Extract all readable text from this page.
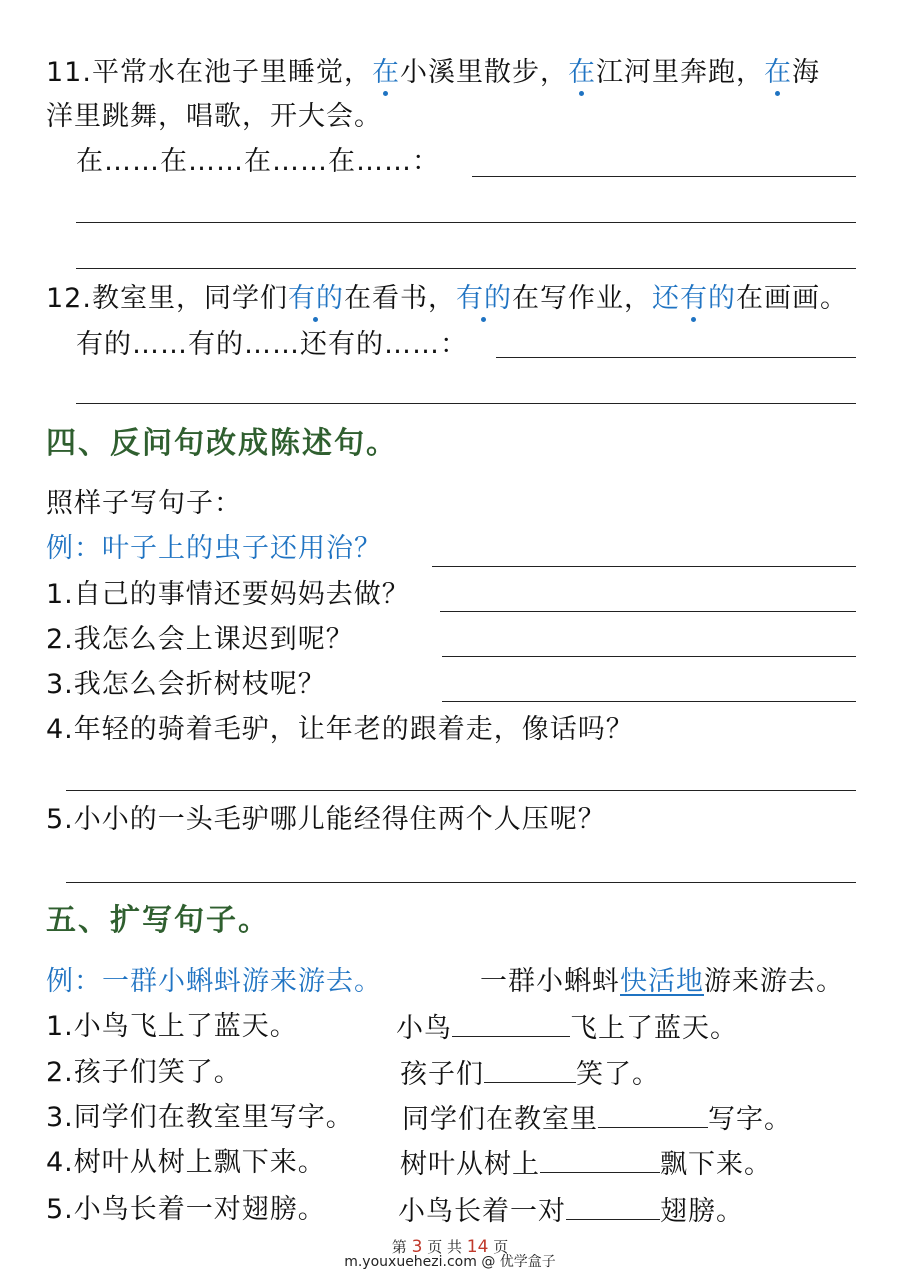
11.平常水在池子里睡觉，在小溪里散步，在江河里奔跑，在海
洋里跳舞，唱歌，开大会。
在……在……在……在……：
12.教室里，同学们有的在看书，有的在写作业，还有的在画画。
有的……有的……还有的……：
四、反问句改成陈述句。
照样子写句子：
例：叶子上的虫子还用治？
1.自己的事情还要妈妈去做？
2.我怎么会上课迟到呢？
3.我怎么会折树枝呢？
4.年轻的骑着毛驴，让年老的跟着走，像话吗？
5.小小的一头毛驴哪儿能经得住两个人压呢？
五、扩写句子。
例：一群小蝌蚪游来游去。	一群小蝌蚪快活地游来游去。
1.小鸟飞上了蓝天。	小鸟	飞上了蓝天。
2.孩子们笑了。	孩子们	笑了。
3.同学们在教室里写字。 同学们在教室里	写字。
4.树叶从树上飘下来。	树叶从树上	飘下来。
5.小鸟长着一对翅膀。	小鸟长着一对	翅膀。
第 3 页 共 14 页
m.youxuehezi.com @ 优学盒子
